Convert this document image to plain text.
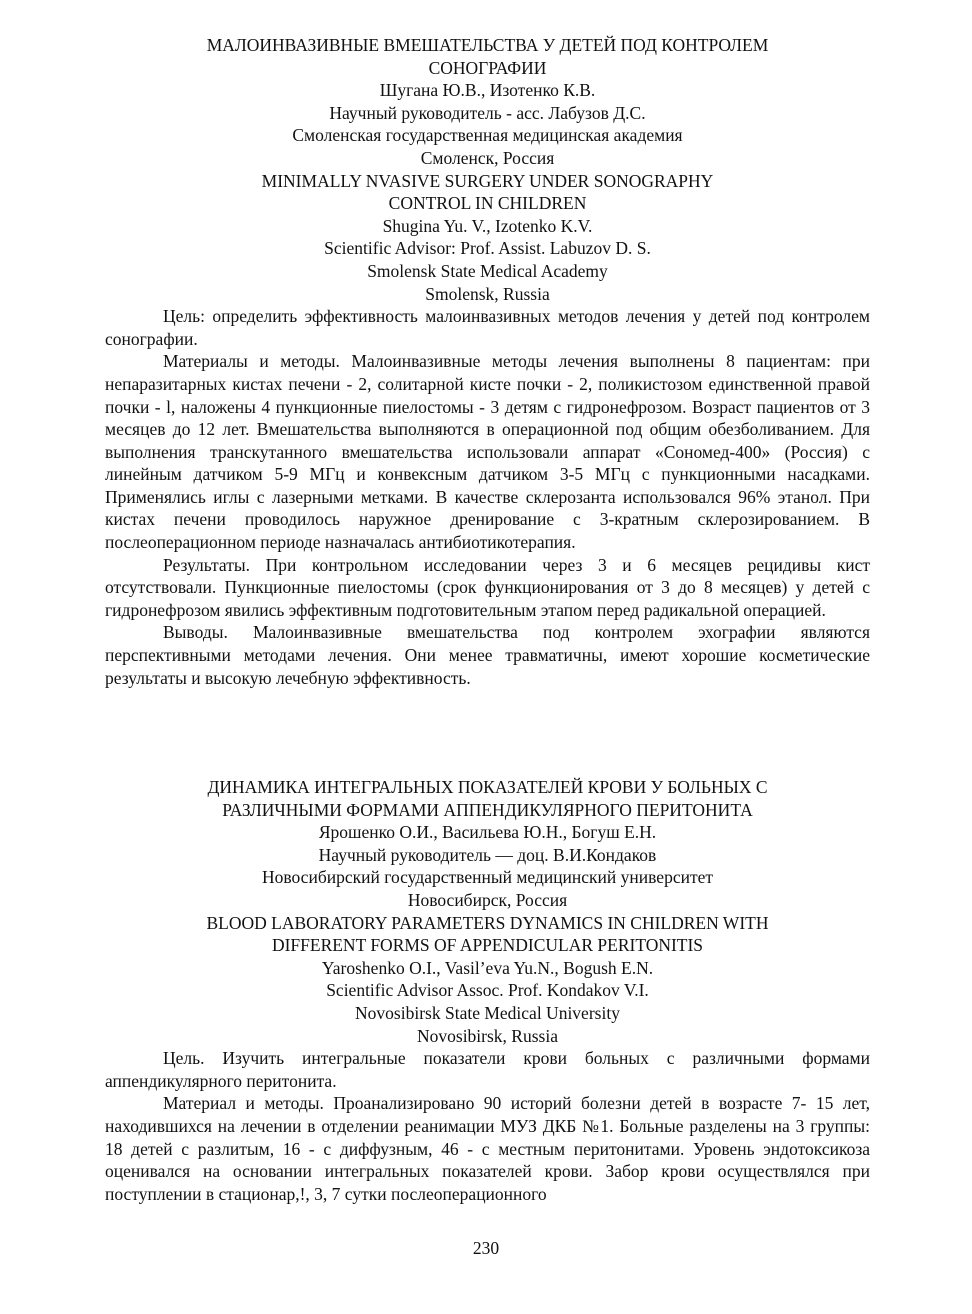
МАЛОИНВАЗИВНЫЕ ВМЕШАТЕЛЬСТВА У ДЕТЕЙ ПОД КОНТРОЛЕМ

СОНОГРАФИИ

Шугана Ю.В., Изотенко К.В.

Научный руководитель - асс. Лабузов Д.С.

Смоленская государственная медицинская академия

Смоленск, Россия

MINIMALLY NVASIVE SURGERY UNDER SONOGRAPHY

CONTROL IN CHILDREN

Shugina Yu. V., Izotenko K.V.

Scientific Advisor: Prof. Assist. Labuzov D. S.

Smolensk State Medical Academy

Smolensk, Russia

Цель: определить эффективность малоинвазивных методов лечения у детей под контролем сонографии.

Материалы и методы. Малоинвазивные методы лечения выполнены 8 пациентам: при непаразитарных кистах печени - 2, солитарной кисте почки - 2, поликистозом единственной правой почки - l, наложены 4 пункционные пиелостомы - 3 детям с гидронефрозом. Возраст пациентов от 3 месяцев до 12 лет. Вмешательства выполняются в операционной под общим обезболиванием. Для выполнения транскутанного вмешательства использовали аппарат «Сономед-400» (Россия) с линейным датчиком 5-9 МГц и конвексным датчиком 3-5 МГц с пункционными насадками. Применялись иглы с лазерными метками. В качестве склерозанта использовался 96% этанол. При кистах печени проводилось наружное дренирование с 3-кратным склерозированием. В послеоперационном периоде назначалась антибиотикотерапия.

Результаты. При контрольном исследовании через 3 и 6 месяцев рецидивы кист отсутствовали. Пункционные пиелостомы (срок функционирования от 3 до 8 месяцев) у детей с гидронефрозом явились эффективным подготовительным этапом перед радикальной операцией.

Выводы. Малоинвазивные вмешательства под контролем эхографии являются перспективными методами лечения. Они менее травматичны, имеют хорошие косметические результаты и высокую лечебную эффективность.

ДИНАМИКА ИНТЕГРАЛЬНЫХ ПОКАЗАТЕЛЕЙ КРОВИ У БОЛЬНЫХ С

РАЗЛИЧНЫМИ ФОРМАМИ АППЕНДИКУЛЯРНОГО ПЕРИТОНИТА

Ярошенко О.И., Васильева Ю.Н., Богуш Е.Н.

Научный руководитель — доц. В.И.Кондаков

Новосибирский государственный медицинский университет

Новосибирск, Россия

BLOOD LABORATORY PARAMETERS DYNAMICS IN CHILDREN WITH

DIFFERENT FORMS OF APPENDICULAR PERITONITIS

Yaroshenko O.I., Vasil’eva Yu.N., Bogush E.N.

Scientific Advisor Assoc. Prof. Kondakov V.I.

Novosibirsk State Medical University

Novosibirsk, Russia

Цель. Изучить интегральные показатели крови больных с различными формами аппендикулярного перитонита.

Материал и методы. Проанализировано 90 историй болезни детей в возрасте 7- 15 лет, находившихся на лечении в отделении реанимации МУЗ ДКБ №1. Больные разделены на 3 группы: 18 детей с разлитым, 16 - с диффузным, 46 - с местным перитонитами. Уровень эндотоксикоза оценивался на основании интегральных показателей крови. Забор крови осуществлялся при поступлении в стационар,!, 3, 7 сутки послеоперационного

230
